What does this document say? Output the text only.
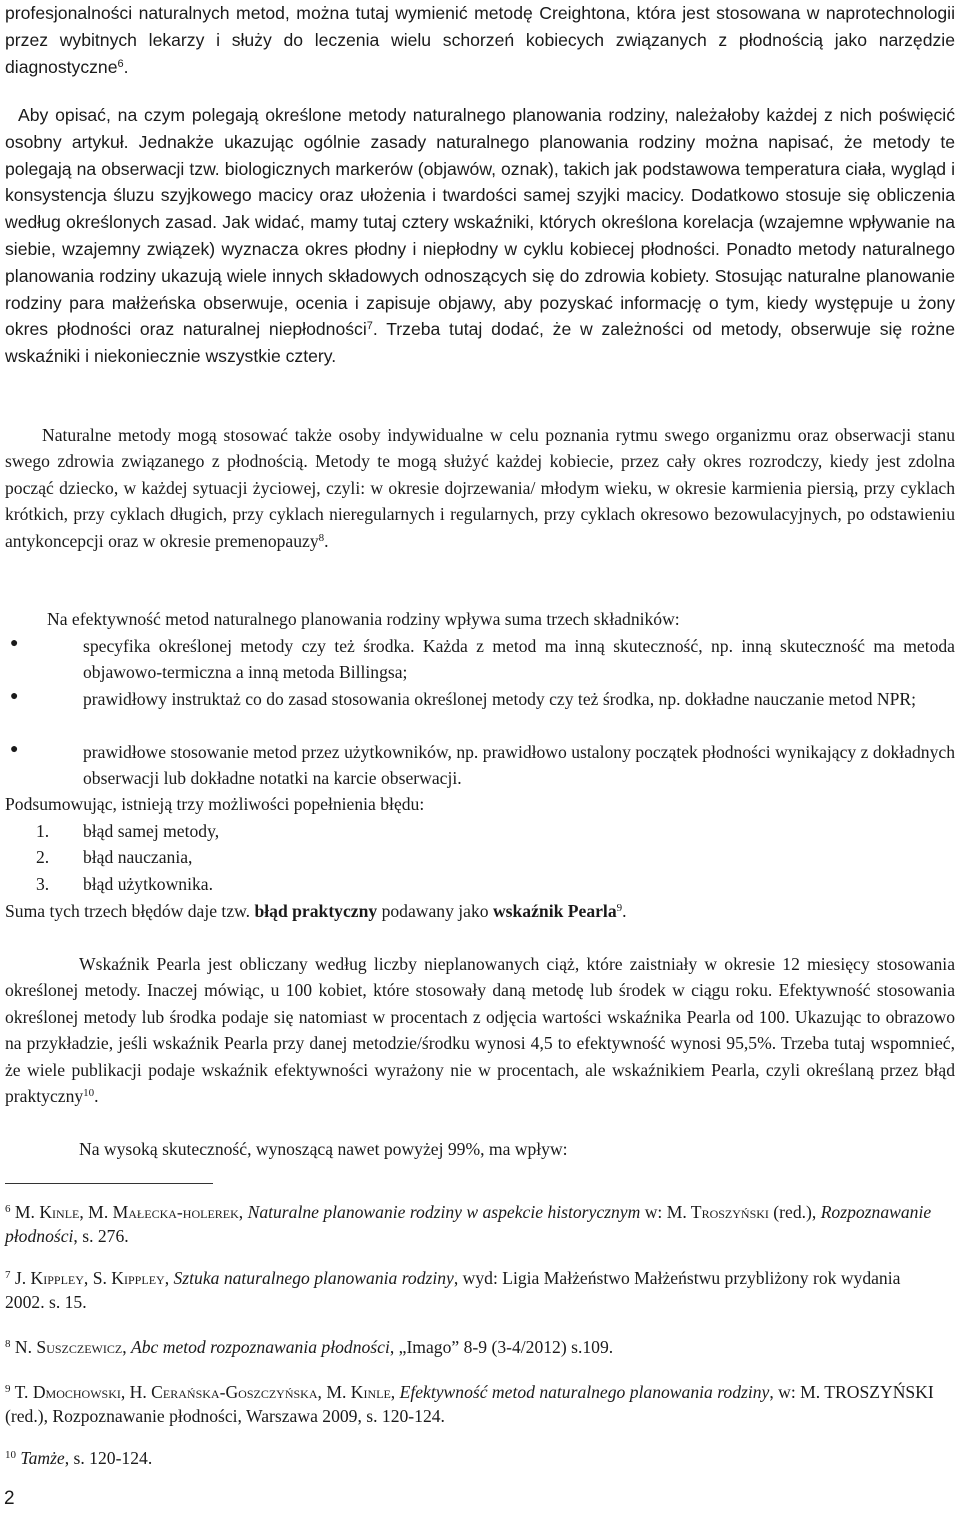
profesjonalności naturalnych metod, można tutaj wymienić metodę Creightona, która jest stosowana w naprotechnologii przez wybitnych lekarzy i służy do leczenia wielu schorzeń kobiecych związanych z płodnością jako narzędzie diagnostyczne$^6$.
Aby opisać, na czym polegają określone metody naturalnego planowania rodziny, należałoby każdej z nich poświęcić osobny artykuł. Jednakże ukazując ogólnie zasady naturalnego planowania rodziny można napisać, że metody te polegają na obserwacji tzw. biologicznych markerów (objawów, oznak), takich jak podstawowa temperatura ciała, wygląd i konsystencja śluzu szyjkowego macicy oraz ułożenia i twardości samej szyjki macicy. Dodatkowo stosuje się obliczenia według określonych zasad. Jak widać, mamy tutaj cztery wskaźniki, których określona korelacja (wzajemne wpływanie na siebie, wzajemny związek) wyznacza okres płodny i niepłodny w cyklu kobiecej płodności. Ponadto metody naturalnego planowania rodziny ukazują wiele innych składowych odnoszących się do zdrowia kobiety. Stosując naturalne planowanie rodziny para małżeńska obserwuje, ocenia i zapisuje objawy, aby pozyskać informację o tym, kiedy występuje u żony okres płodności oraz naturalnej niepłodności$^7$. Trzeba tutaj dodać, że w zależności od metody, obserwuje się rożne wskaźniki i niekoniecznie wszystkie cztery.
Naturalne metody mogą stosować także osoby indywidualne w celu poznania rytmu swego organizmu oraz obserwacji stanu swego zdrowia związanego z płodnością. Metody te mogą służyć każdej kobiecie, przez cały okres rozrodczy, kiedy jest zdolna począć dziecko, w każdej sytuacji życiowej, czyli: w okresie dojrzewania/ młodym wieku, w okresie karmienia piersią, przy cyklach krótkich, przy cyklach długich, przy cyklach nieregularnych i regularnych, przy cyklach okresowo bezowulacyjnych, po odstawieniu antykoncepcji oraz w okresie premenopauzy$^8$.
Na efektywność metod naturalnego planowania rodziny wpływa suma trzech składników:
●	specyfika określonej metody czy też środka. Każda z metod ma inną skuteczność, np. inną skuteczność ma metoda objawowo-termiczna a inną metoda Billingsa;
●	prawidłowy instruktaż co do zasad stosowania określonej metody czy też środka, np. dokładne nauczanie metod NPR;
●	prawidłowe stosowanie metod przez użytkowników, np. prawidłowo ustalony początek płodności wynikający z dokładnych obserwacji lub dokładne notatki na karcie obserwacji.
Podsumowując, istnieją trzy możliwości popełnienia błędu:
1. błąd samej metody,
2. błąd nauczania,
3. błąd użytkownika.
Suma tych trzech błędów daje tzw. błąd praktyczny podawany jako wskaźnik Pearla$^9$.
Wskaźnik Pearla jest obliczany według liczby nieplanowanych ciąż, które zaistniały w okresie 12 miesięcy stosowania określonej metody. Inaczej mówiąc, u 100 kobiet, które stosowały daną metodę lub środek w ciągu roku. Efektywność stosowania określonej metody lub środka podaje się natomiast w procentach z odjęcia wartości wskaźnika Pearla od 100. Ukazując to obrazowo na przykładzie, jeśli wskaźnik Pearla przy danej metodzie/środku wynosi 4,5 to efektywność wynosi 95,5%. Trzeba tutaj wspomnieć, że wiele publikacji podaje wskaźnik efektywności wyrażony nie w procentach, ale wskaźnikiem Pearla, czyli określaną przez błąd praktyczny$^{10}$.
Na wysoką skuteczność, wynoszącą nawet powyżej 99%, ma wpływ:
$^6$ M. Kinle, M. Małecka-holerek, Naturalne planowanie rodziny w aspekcie historycznym w: M. Troszyński (red.), Rozpoznawanie płodności, s. 276.
$^7$ J. Kippley, S. Kippley, Sztuka naturalnego planowania rodziny, wyd: Ligia Małżeństwo Małżeństwu przybliżony rok wydania 2002. s. 15.
$^8$ N. Suszczewicz, Abc metod rozpoznawania płodności, „Imago” 8-9 (3-4/2012) s.109.
$^9$ T. Dmochowski, H. Cerańska-Goszczyńska, M. Kinle, Efektywność metod naturalnego planowania rodziny, w: M. TROSZYŃSKI (red.), Rozpoznawanie płodności, Warszawa 2009, s. 120-124.
$^{10}$ Tamże, s. 120-124.
2
